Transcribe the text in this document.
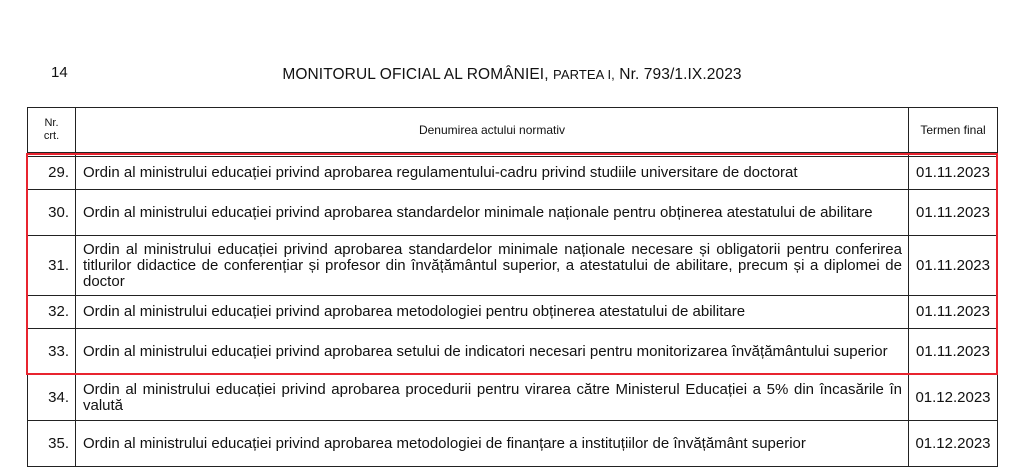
14	MONITORUL OFICIAL AL ROMÂNIEI, PARTEA I, Nr. 793/1.IX.2023
Nr.
crt.	Denumirea actului normativ	Termen final

29.	Ordin al ministrului educației privind aprobarea regulamentului-cadru privind studiile universitare de doctorat	01.11.2023
30.	Ordin al ministrului educației privind aprobarea standardelor minimale naționale pentru obținerea atestatului de abilitare	01.11.2023
31.	Ordin al ministrului educației privind aprobarea standardelor minimale naționale necesare și obligatorii pentru conferirea titlurilor didactice de conferențiar și profesor din învățământul superior, a atestatului de abilitare, precum și a diplomei de doctor	01.11.2023
32.	Ordin al ministrului educației privind aprobarea metodologiei pentru obținerea atestatului de abilitare	01.11.2023
33.	Ordin al ministrului educației privind aprobarea setului de indicatori necesari pentru monitorizarea învățământului superior	01.11.2023
34.	Ordin al ministrului educației privind aprobarea procedurii pentru virarea către Ministerul Educației a 5% din încasările în valută	01.12.2023
35.	Ordin al ministrului educației privind aprobarea metodologiei de finanțare a instituțiilor de învățământ superior	01.12.2023
